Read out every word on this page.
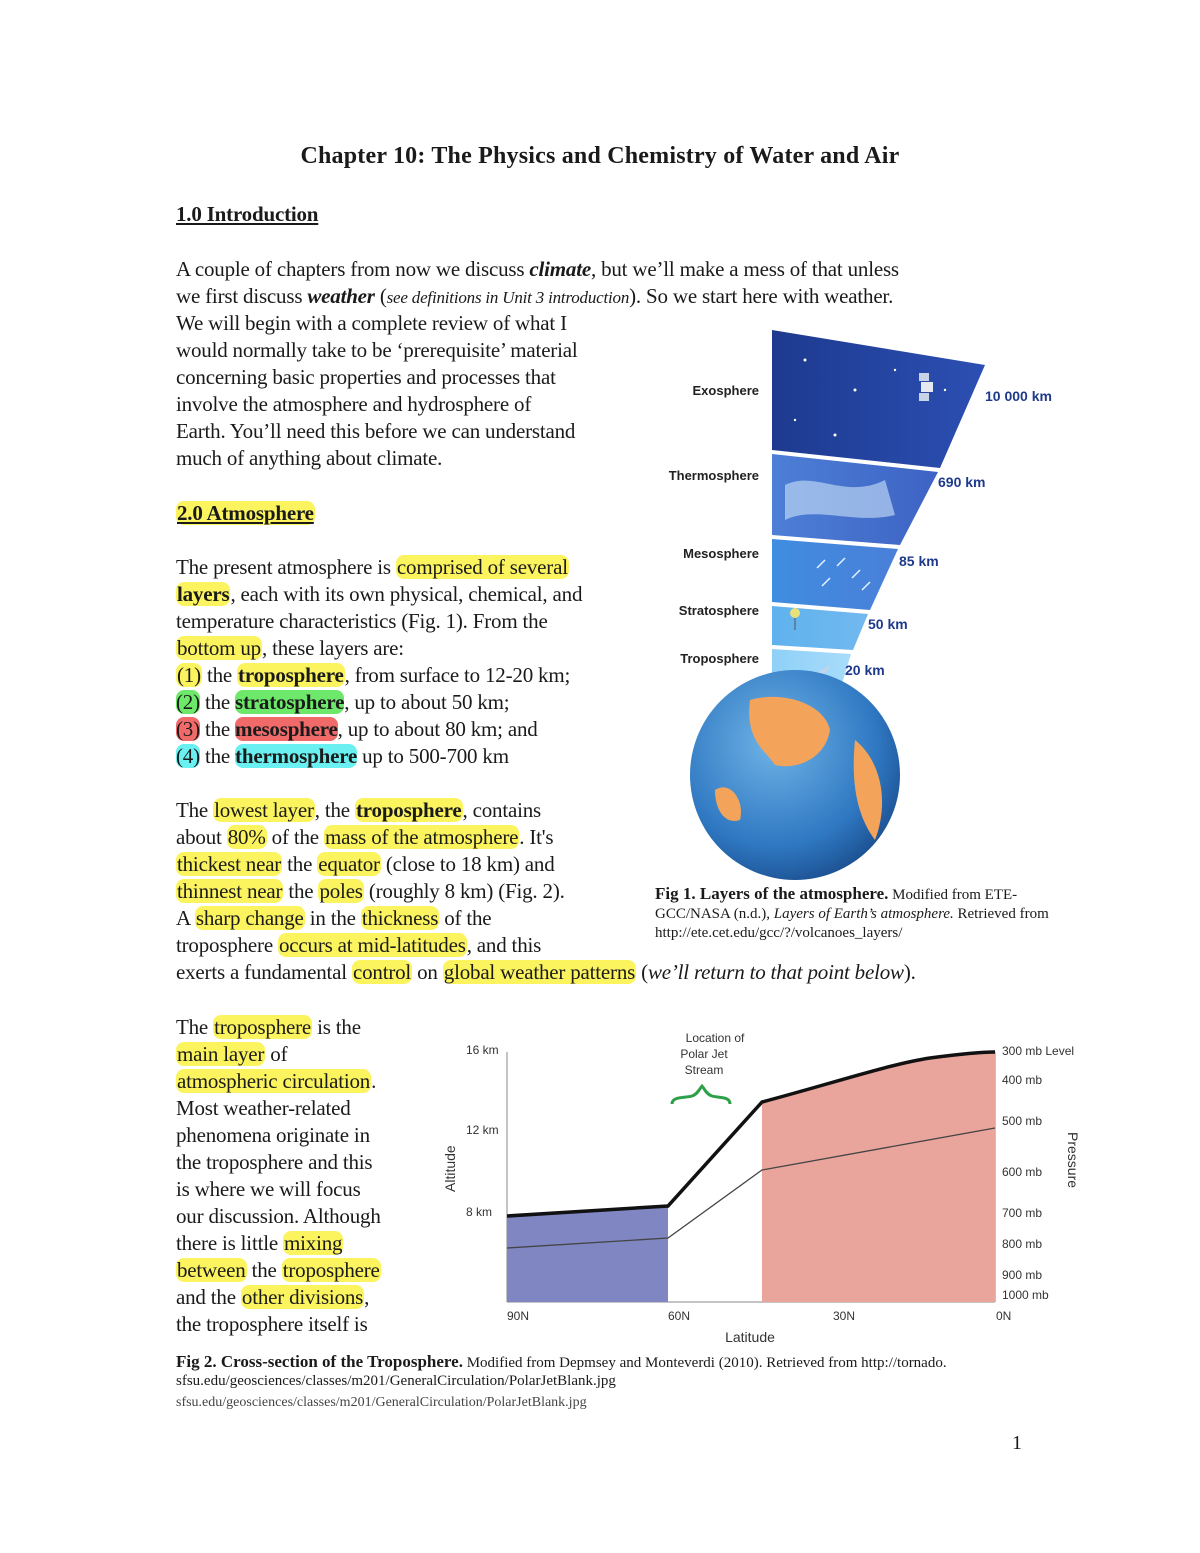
Chapter 10: The Physics and Chemistry of Water and Air
1.0 Introduction
A couple of chapters from now we discuss climate, but we’ll make a mess of that unless
we first discuss weather (see definitions in Unit 3 introduction). So we start here with weather.
We will begin with a complete review of what I
would normally take to be ‘prerequisite’ material
concerning basic properties and processes that
involve the atmosphere and hydrosphere of
Earth. You’ll need this before we can understand
much of anything about climate.
2.0 Atmosphere
The present atmosphere is comprised of several
layers, each with its own physical, chemical, and
temperature characteristics (Fig. 1). From the
bottom up, these layers are:
(1) the troposphere, from surface to 12-20 km;
(2) the stratosphere, up to about 50 km;
(3) the mesosphere, up to about 80 km; and
(4) the thermosphere up to 500-700 km
The lowest layer, the troposphere, contains
about 80% of the mass of the atmosphere. It's
thickest near the equator (close to 18 km) and
thinnest near the poles (roughly 8 km) (Fig. 2).
A sharp change in the thickness of the
troposphere occurs at mid-latitudes, and this
exerts a fundamental control on global weather patterns (we’ll return to that point below).
The troposphere is the
main layer of
atmospheric circulation.
Most weather-related
phenomena originate in
the troposphere and this
is where we will focus
our discussion. Although
there is little mixing
between the troposphere
and the other divisions,
the troposphere itself is
Exosphere
Thermosphere
Mesosphere
Stratosphere
Troposphere
10 000 km
690 km
85 km
50 km
20 km
Fig 1. Layers of the atmosphere. Modified from ETE-
GCC/NASA (n.d.), Layers of Earth’s atmosphere. Retrieved from
http://ete.cet.edu/gcc/?/volcanoes_layers/
Location of
Polar Jet
Stream
16 km
12 km
8 km
Altitude
90N	60N	30N	0N
Latitude
300 mb Level
400 mb
500 mb
600 mb
700 mb
800 mb
900 mb
1000 mb
Pressure
Fig 2. Cross-section of the Troposphere. Modified from Depmsey and Monteverdi (2010). Retrieved from http://tornado.
sfsu.edu/geosciences/classes/m201/GeneralCirculation/PolarJetBlank.jpg
sfsu.edu/geosciences/classes/m201/GeneralCirculation/PolarJetBlank.jpg
1
